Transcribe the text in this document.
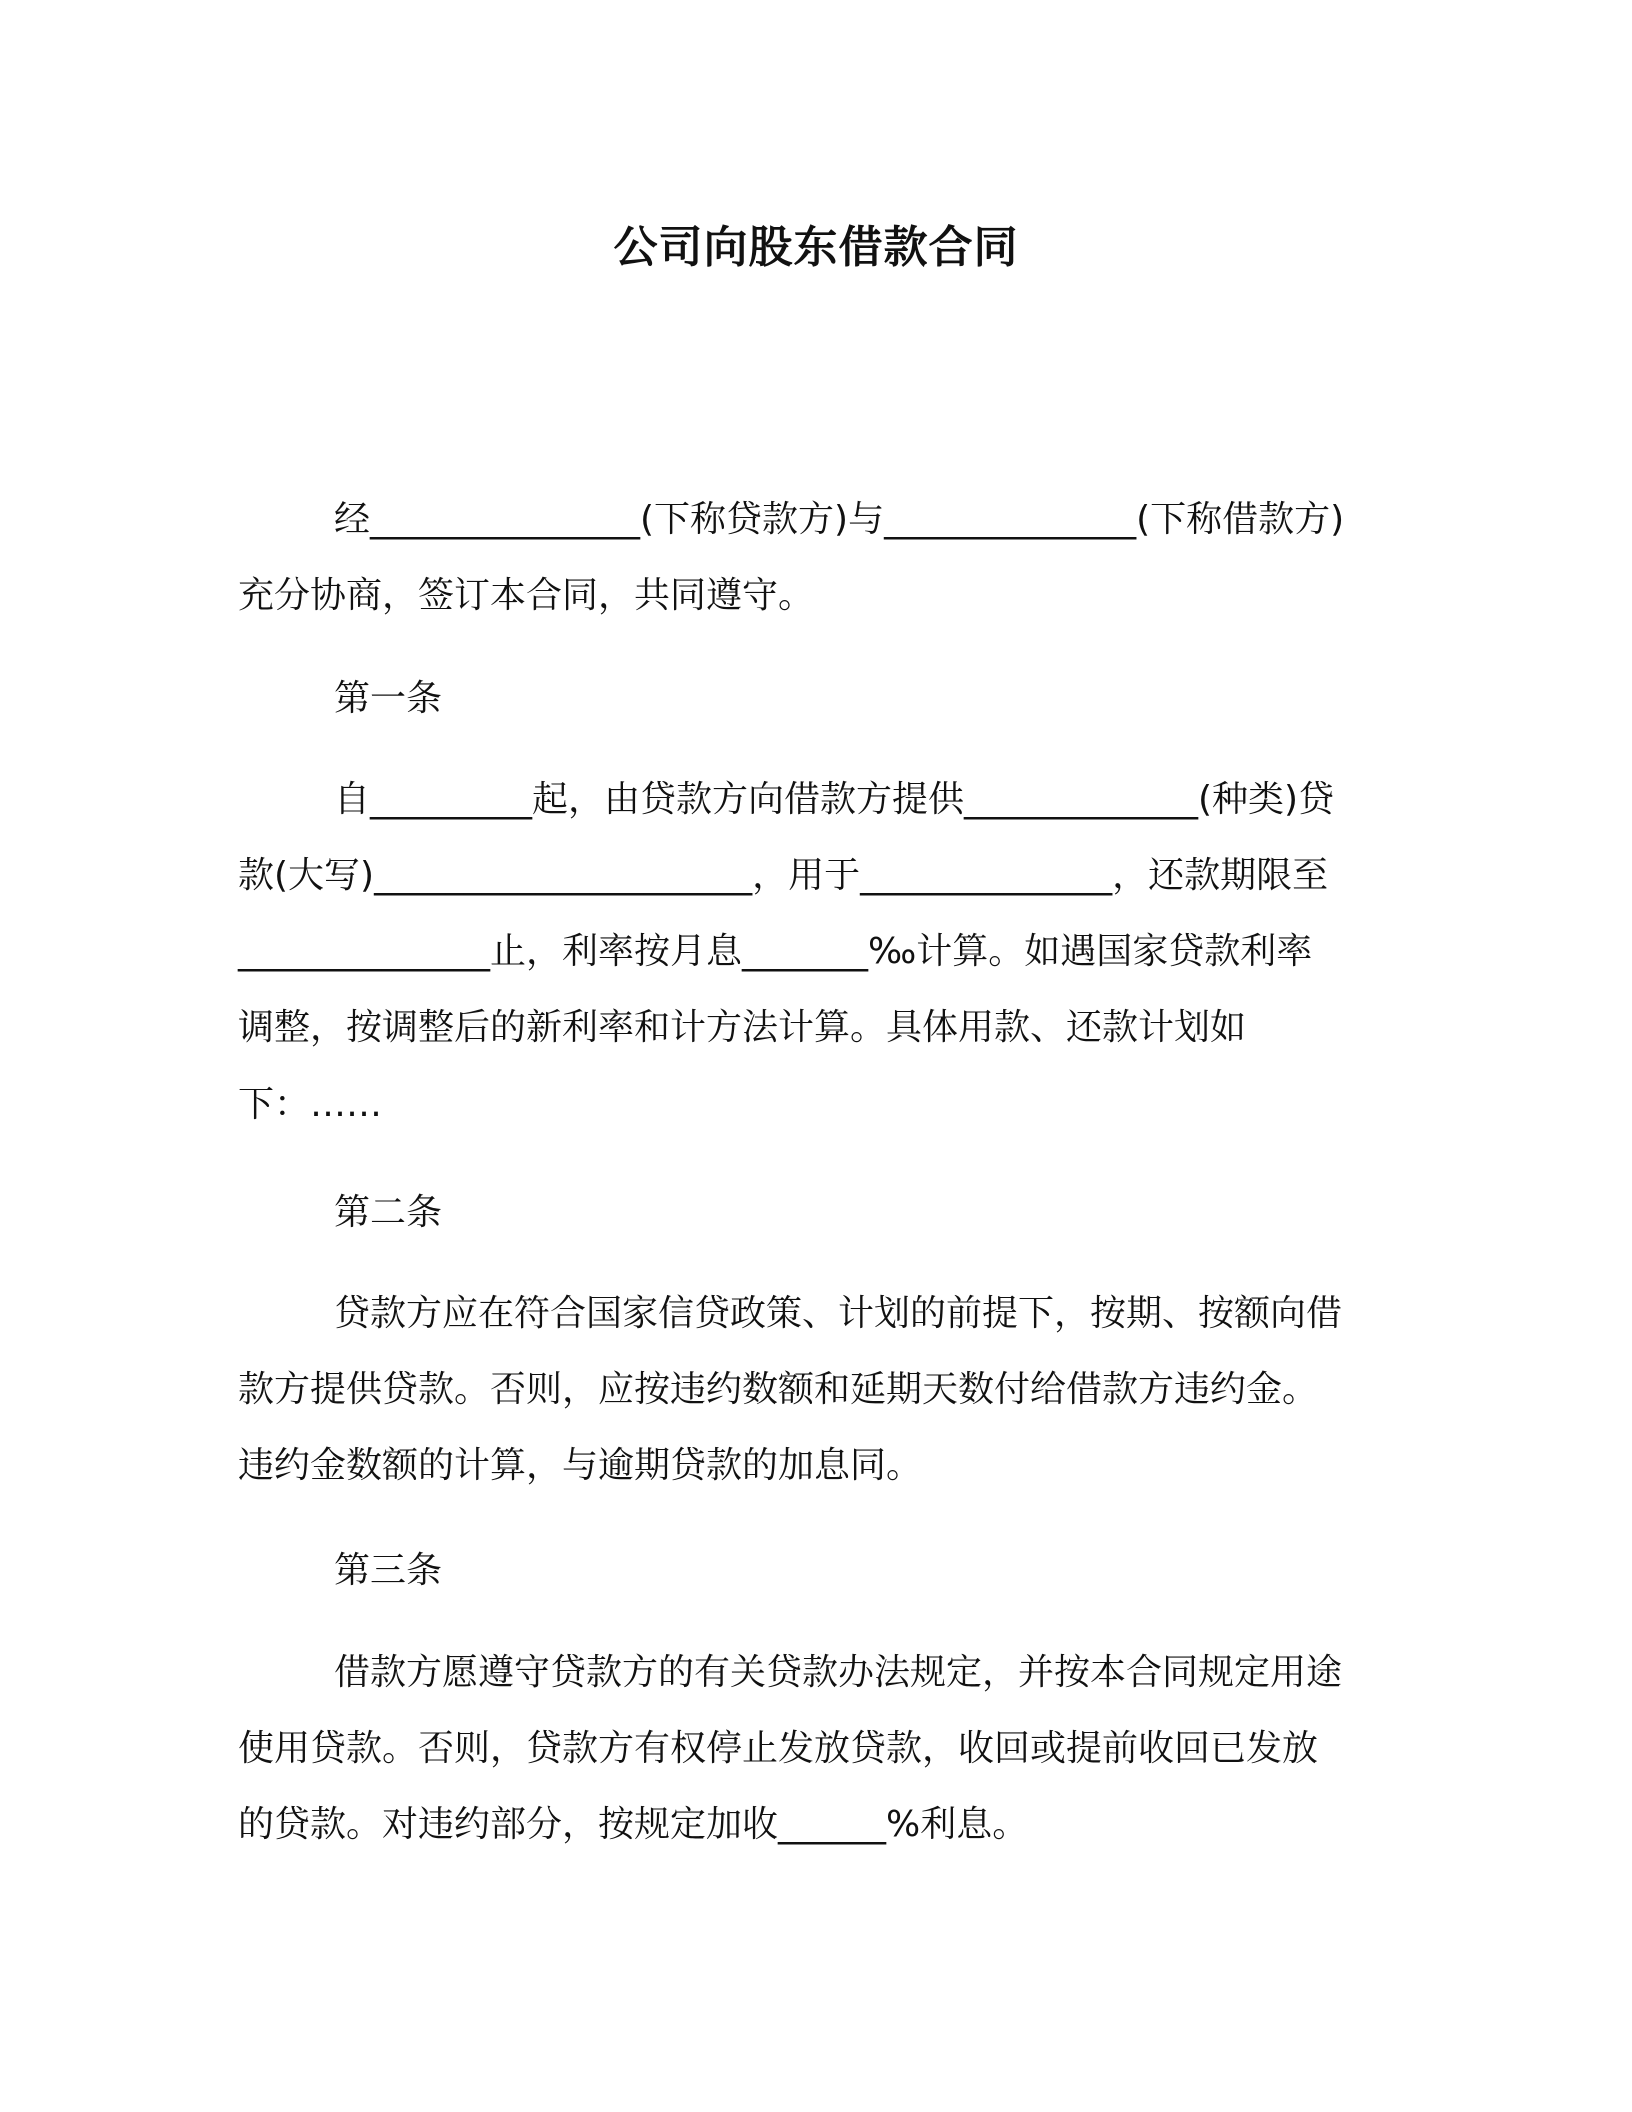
公司向股东借款合同
经_______________(下称贷款方)与______________(下称借款方)
充分协商，签订本合同，共同遵守。
第一条
自_________起，由贷款方向借款方提供_____________(种类)贷
款(大写)_____________________，用于______________，还款期限至
______________止，利率按月息_______‰计算。如遇国家贷款利率
调整，按调整后的新利率和计方法计算。具体用款、还款计划如
下：……
第二条
贷款方应在符合国家信贷政策、计划的前提下，按期、按额向借
款方提供贷款。否则，应按违约数额和延期天数付给借款方违约金。
违约金数额的计算，与逾期贷款的加息同。
第三条
借款方愿遵守贷款方的有关贷款办法规定，并按本合同规定用途
使用贷款。否则，贷款方有权停止发放贷款，收回或提前收回已发放
的贷款。对违约部分，按规定加收______%利息。
